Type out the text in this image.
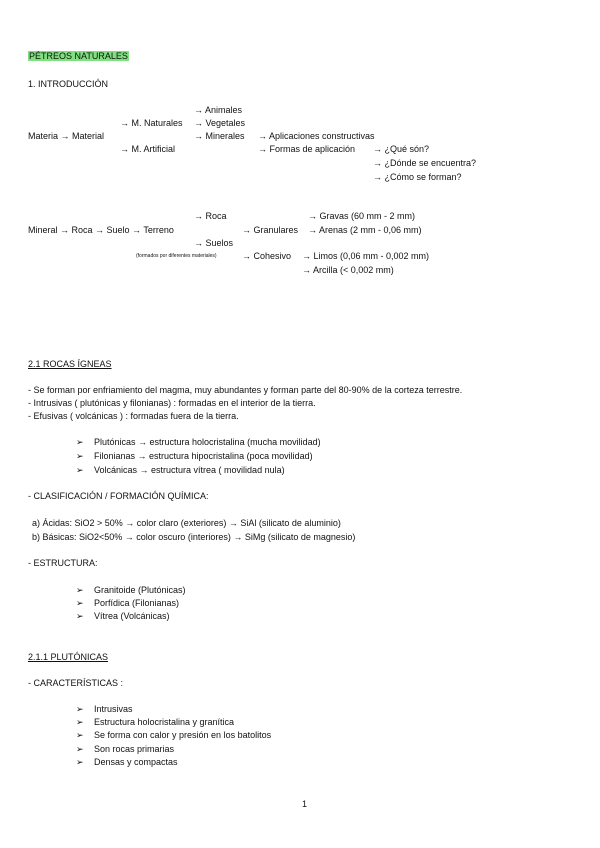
PÉTREOS NATURALES
1. INTRODUCCIÓN
→ Animales
→ M. Naturales → Vegetales
Materia → Material	→ Minerales → Aplicaciones constructivas
→ M. Artificial	→ Formas de aplicación → ¿Qué són?
→ ¿Dónde se encuentra?
→ ¿Cómo se forman?
→ Roca	→ Gravas (60 mm - 2 mm)
Mineral → Roca → Suelo → Terreno	→ Granulares → Arenas (2 mm - 0,06 mm)
→ Suelos
(formados por diferentes materiales)	→ Cohesivo → Limos (0,06 mm - 0,002 mm)
→ Arcilla (< 0,002 mm)
2.1 ROCAS ÍGNEAS
- Se forman por enfriamiento del magma, muy abundantes y forman parte del 80-90% de la corteza terrestre.
- Intrusivas ( plutónicas y filonianas) : formadas en el interior de la tierra.
- Efusivas ( volcánicas ) : formadas fuera de la tierra.
➢ Plutónicas → estructura holocristalina (mucha movilidad)
➢ Filonianas → estructura hipocristalina (poca movilidad)
➢ Volcánicas → estructura vítrea ( movilidad nula)
- CLASIFICACIÓN / FORMACIÓN QUÍMICA:
a) Ácidas: SiO2 > 50% → color claro (exteriores) → SiAl (silicato de aluminio)
b) Básicas: SiO2<50% → color oscuro (interiores) → SiMg (silicato de magnesio)
- ESTRUCTURA:
➢ Granitoide (Plutónicas)
➢ Porfídica (Filonianas)
➢ Vítrea (Volcánicas)
2.1.1 PLUTÓNICAS
- CARACTERÍSTICAS :
➢ Intrusivas
➢ Estructura holocristalina y granítica
➢ Se forma con calor y presión en los batolitos
➢ Son rocas primarias
➢ Densas y compactas
1
